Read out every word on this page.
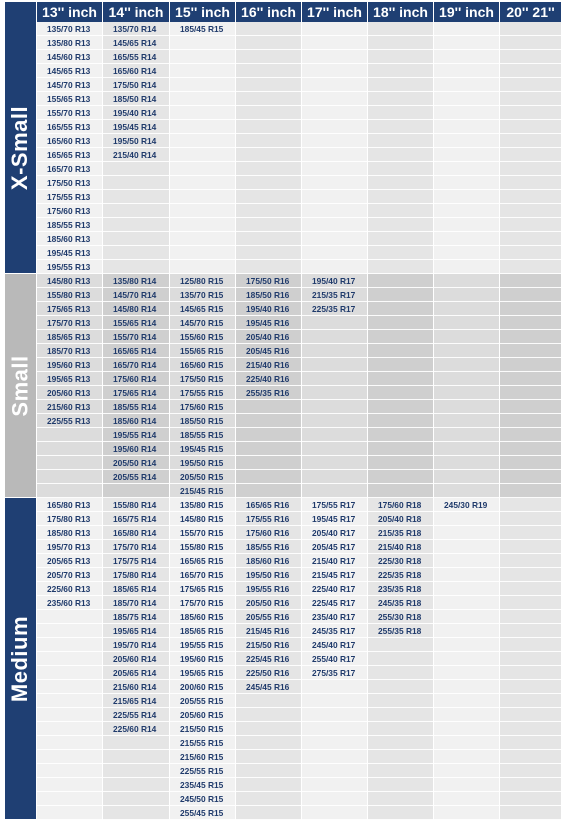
13'' inch 14'' inch 15'' inch 16'' inch 17'' inch 18'' inch 19'' inch 20'' 21''
X-Small
135/70 R13
135/80 R13
145/60 R13
145/65 R13
145/70 R13
155/65 R13
155/70 R13
165/55 R13
165/60 R13
165/65 R13
165/70 R13
175/50 R13
175/55 R13
175/60 R13
185/55 R13
185/60 R13
195/45 R13
195/55 R13
135/70 R14
145/65 R14
165/55 R14
165/60 R14
175/50 R14
185/50 R14
195/40 R14
195/45 R14
195/50 R14
215/40 R14
185/45 R15
Small
145/80 R13
155/80 R13
175/65 R13
175/70 R13
185/65 R13
185/70 R13
195/60 R13
195/65 R13
205/60 R13
215/60 R13
225/55 R13
135/80 R14
145/70 R14
145/80 R14
155/65 R14
155/70 R14
165/65 R14
165/70 R14
175/60 R14
175/65 R14
185/55 R14
185/60 R14
195/55 R14
195/60 R14
205/50 R14
205/55 R14
125/80 R15
135/70 R15
145/65 R15
145/70 R15
155/60 R15
155/65 R15
165/60 R15
175/50 R15
175/55 R15
175/60 R15
185/50 R15
185/55 R15
195/45 R15
195/50 R15
205/50 R15
215/45 R15
175/50 R16
185/50 R16
195/40 R16
195/45 R16
205/40 R16
205/45 R16
215/40 R16
225/40 R16
255/35 R16
195/40 R17
215/35 R17
225/35 R17
Medium
165/80 R13
175/80 R13
185/80 R13
195/70 R13
205/65 R13
205/70 R13
225/60 R13
235/60 R13
155/80 R14
165/75 R14
165/80 R14
175/70 R14
175/75 R14
175/80 R14
185/65 R14
185/70 R14
185/75 R14
195/65 R14
195/70 R14
205/60 R14
205/65 R14
215/60 R14
215/65 R14
225/55 R14
225/60 R14
135/80 R15
145/80 R15
155/70 R15
155/80 R15
165/65 R15
165/70 R15
175/65 R15
175/70 R15
185/60 R15
185/65 R15
195/55 R15
195/60 R15
195/65 R15
200/60 R15
205/55 R15
205/60 R15
215/50 R15
215/55 R15
215/60 R15
225/55 R15
235/45 R15
245/50 R15
255/45 R15
165/65 R16
175/55 R16
175/60 R16
185/55 R16
185/60 R16
195/50 R16
195/55 R16
205/50 R16
205/55 R16
215/45 R16
215/50 R16
225/45 R16
225/50 R16
245/45 R16
175/55 R17
195/45 R17
205/40 R17
205/45 R17
215/40 R17
215/45 R17
225/40 R17
225/45 R17
235/40 R17
245/35 R17
245/40 R17
255/40 R17
275/35 R17
175/60 R18
205/40 R18
215/35 R18
215/40 R18
225/30 R18
225/35 R18
235/35 R18
245/35 R18
255/30 R18
255/35 R18
245/30 R19
